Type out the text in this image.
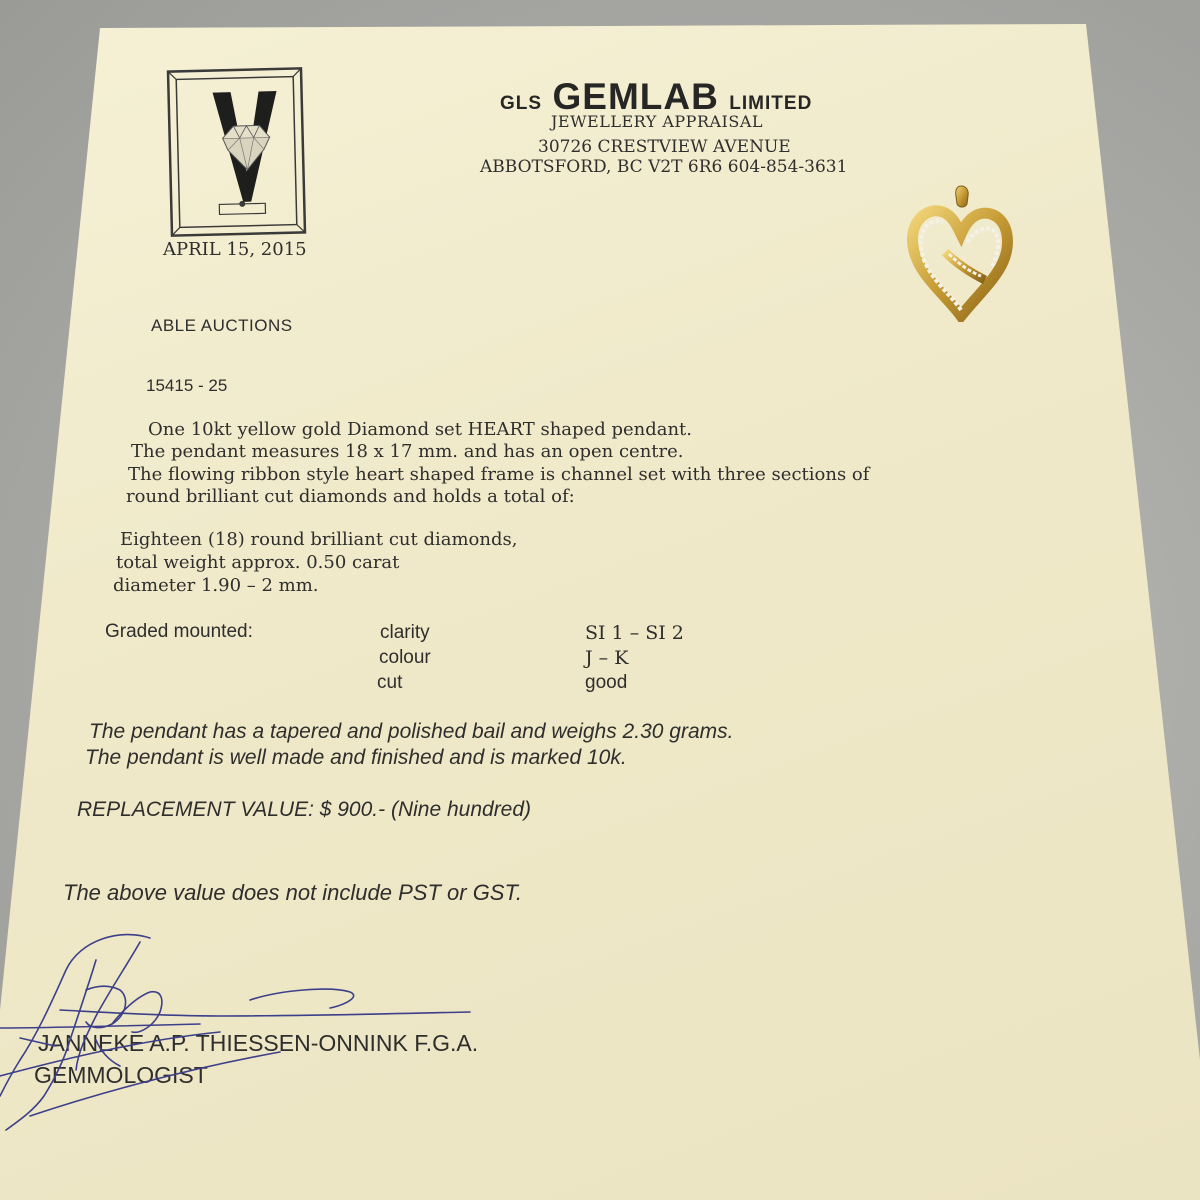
GLS GEMLAB LIMITED
JEWELLERY APPRAISAL
30726 CRESTVIEW AVENUE
ABBOTSFORD, BC V2T 6R6 604-854-3631
APRIL 15, 2015
ABLE AUCTIONS
15415 - 25
One 10kt yellow gold Diamond set HEART shaped pendant.
The pendant measures 18 x 17 mm. and has an open centre.
The flowing ribbon style heart shaped frame is channel set with three sections of
round brilliant cut diamonds and holds a total of:
Eighteen (18) round brilliant cut diamonds,
total weight approx. 0.50 carat
diameter 1.90 – 2 mm.
Graded mounted:	clarity	SI 1 – SI 2
colour	J – K
cut	good
The pendant has a tapered and polished bail and weighs 2.30 grams.
The pendant is well made and finished and is marked 10k.
REPLACEMENT VALUE: $ 900.- (Nine hundred)
The above value does not include PST or GST.
JANNEKE A.P. THIESSEN-ONNINK F.G.A.
GEMMOLOGIST
